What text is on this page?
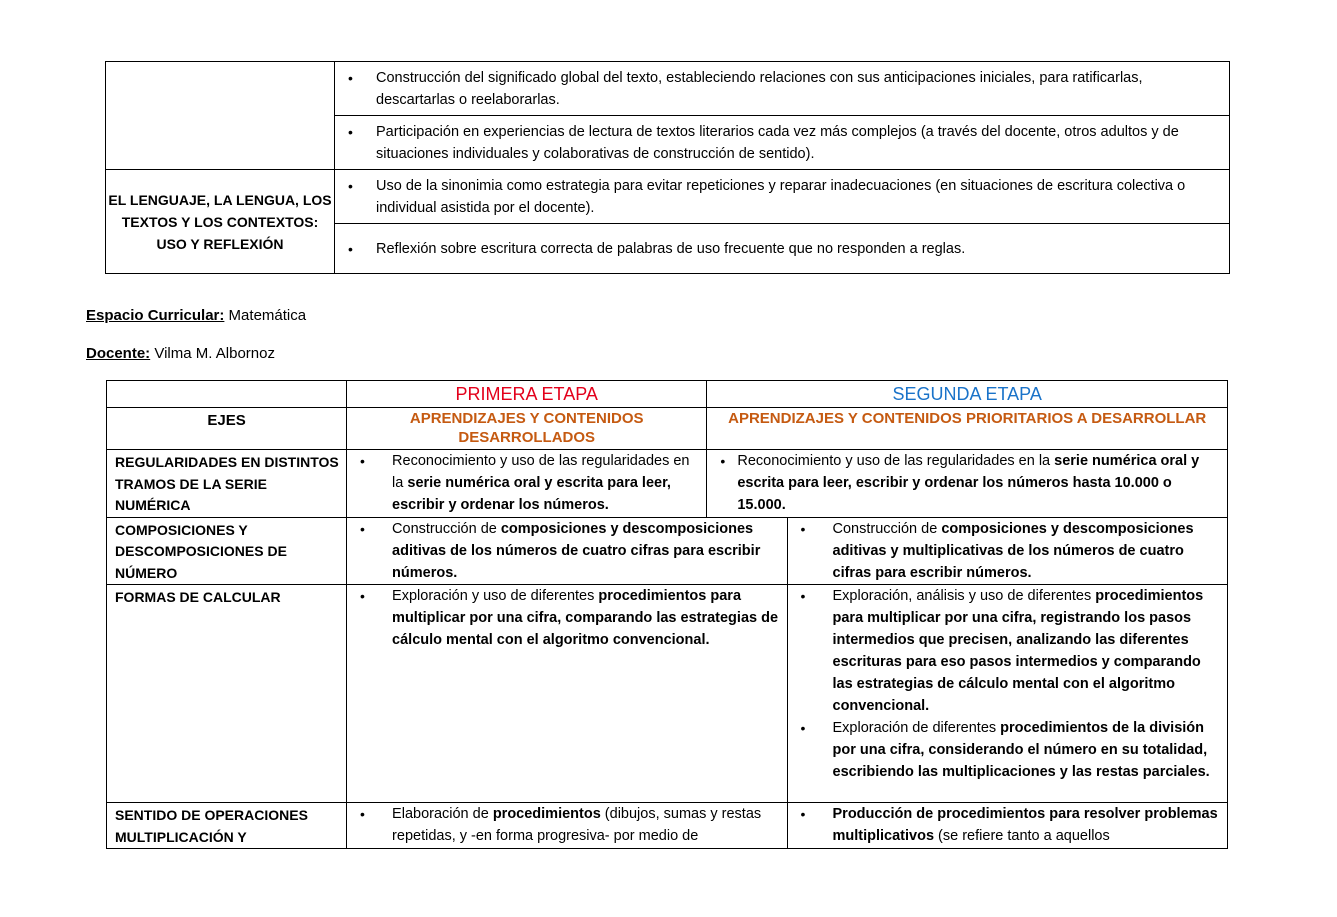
	• Construcción del significado global del texto, estableciendo relaciones con sus anticipaciones iniciales, para ratificarlas, descartarlas o reelaborarlas.

	• Participación en experiencias de lectura de textos literarios cada vez más complejos (a través del docente, otros adultos y de situaciones individuales y colaborativas de construcción de sentido).

EL LENGUAJE, LA LENGUA, LOS TEXTOS Y LOS CONTEXTOS: USO Y REFLEXIÓN	• Uso de la sinonimia como estrategia para evitar repeticiones y reparar inadecuaciones (en situaciones de escritura colectiva o individual asistida por el docente).

	• Reflexión sobre escritura correcta de palabras de uso frecuente que no responden a reglas.
Espacio Curricular: Matemática
Docente: Vilma M. Albornoz
	PRIMERA ETAPA	SEGUNDA ETAPA	
EJES	APRENDIZAJES Y CONTENIDOS DESARROLLADOS	APRENDIZAJES Y CONTENIDOS PRIORITARIOS A DESARROLLAR	
REGULARIDADES EN DISTINTOS TRAMOS DE LA SERIE NUMÉRICA	• Reconocimiento y uso de las regularidades en la serie numérica oral y escrita para leer, escribir y ordenar los números.	• Reconocimiento y uso de las regularidades en la serie numérica oral y escrita para leer, escribir y ordenar los números hasta 10.000 o 15.000.

COMPOSICIONES Y DESCOMPOSICIONES DE NÚMERO	• Construcción de composiciones y descomposiciones aditivas de los números de cuatro cifras para escribir números.		• Construcción de composiciones y descomposiciones aditivas y multiplicativas de los números de cuatro cifras para escribir números.

FORMAS DE CALCULAR	• Exploración y uso de diferentes procedimientos para multiplicar por una cifra, comparando las estrategias de cálculo mental con el algoritmo convencional.		• Exploración, análisis y uso de diferentes procedimientos para multiplicar por una cifra, registrando los pasos intermedios que precisen, analizando las diferentes escrituras para eso pasos intermedios y comparando las estrategias de cálculo mental con el algoritmo convencional.
• Exploración de diferentes procedimientos de la división por una cifra, considerando el número en su totalidad, escribiendo las multiplicaciones y las restas parciales.

SENTIDO DE OPERACIONES MULTIPLICACIÓN Y	• Elaboración de procedimientos (dibujos, sumas y restas repetidas, y -en forma progresiva- por medio de		• Producción de procedimientos para resolver problemas multiplicativos (se refiere tanto a aquellos
